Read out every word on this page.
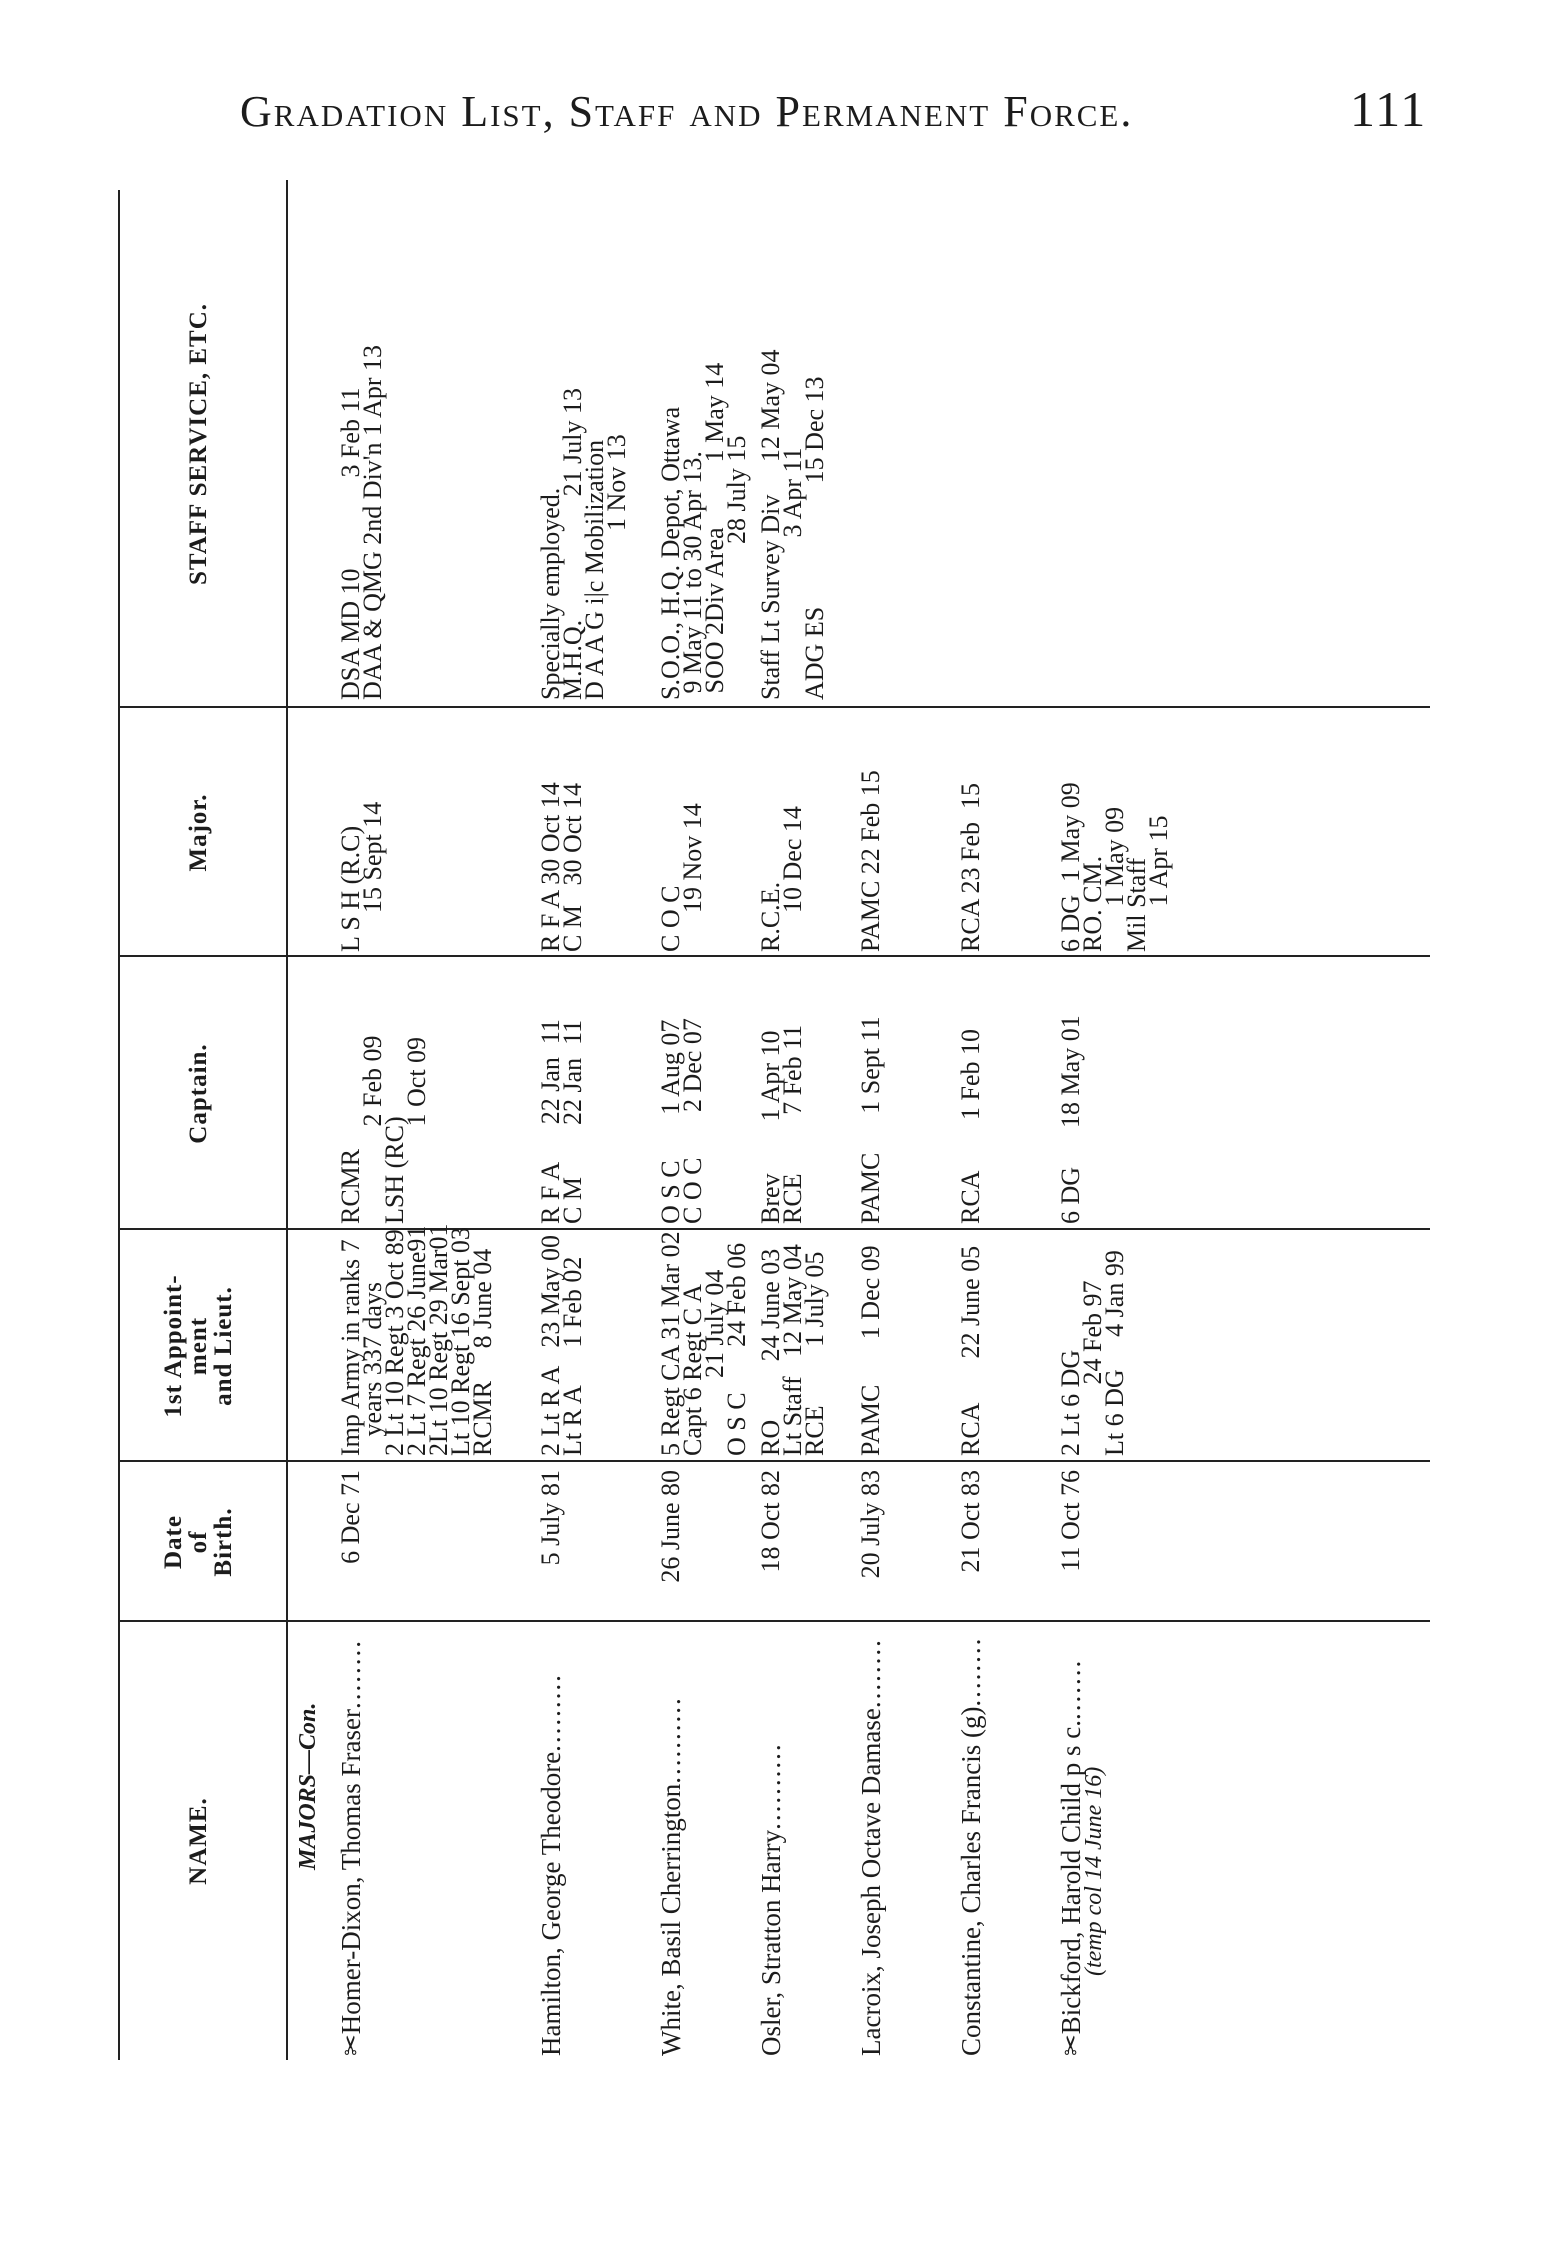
Gradation List, Staff and Permanent Force.	111
NAME.
Date
of
Birth.
1st Appoint-
ment
and Lieut.
Captain.
Major.
STAFF SERVICE, ETC.
MAJORS—Con.
✂Homer-Dixon, Thomas Fraser........
6 Dec 71
Imp Army in ranks 7
years 337 days
2 Lt 10 Regt 3 Oct 89
2 Lt 7 Regt 26 June91
2Lt 10 Regt 29 Mar01
Lt 10 Regt 16 Sept 03
RCMR     8 June 04
RCMR
2 Feb 09
LSH (RC)
1 Oct 09
L S H (R.C)
15 Sept 14
DSA MD 10              3 Feb 11
DAA & QMG 2nd Div'n 1 Apr 13
Hamilton, George Theodore.........
5 July 81
2 Lt R A   23 May 00
Lt R A      1 Feb 02
R F A      22 Jan  11
C M        22 Jan  11
R F A 30 Oct 14
C M   30 Oct 14
Specially employed.
M.H.Q.                   21 July 13
D A A G i|c Mobilization
1 Nov 13
White, Basil Cherrington..........
26 June 80
5 Regt CA 31 Mar 02
Capt 6 Regt C A
21 July 04
O S C       24 Feb 06
O S C       1 Aug 07
C O C       2 Dec 07
C O C
19 Nov 14
S.O.O., H.Q. Depot, Ottawa
9 May 11 to 30 Apr 13.
SOO 2Div Area          1 May 14
28 July 15
Osler, Stratton Harry..........
18 Oct 82
RO         24 June 03
Lt Staff   12 May 04
RCE         1 July 05
Brev        1 Apr 10
RCE         7 Feb 11
R.C.E.
10 Dec 14
Staff Lt Survey Div     12 May 04
3 Apr 11
ADG ES                   15 Dec 13
Lacroix, Joseph Octave Damase........
20 July 83
PAMC       1 Dec 09
PAMC      1 Sept 11
PAMC 22 Feb 15
Constantine, Charles Francis (g)........
21 Oct 83
RCA       22 June 05
RCA        1 Feb 10
RCA 23 Feb  15
✂Bickford, Harold Child p s c........
(temp col 14 June 16)
11 Oct 76
2 Lt 6 DG
24 Feb 97
Lt 6 DG     4 Jan 99
6 DG      18 May 01
6 DG  1 May 09
RO. CM.
1 May 09
Mil Staff
1 Apr 15
